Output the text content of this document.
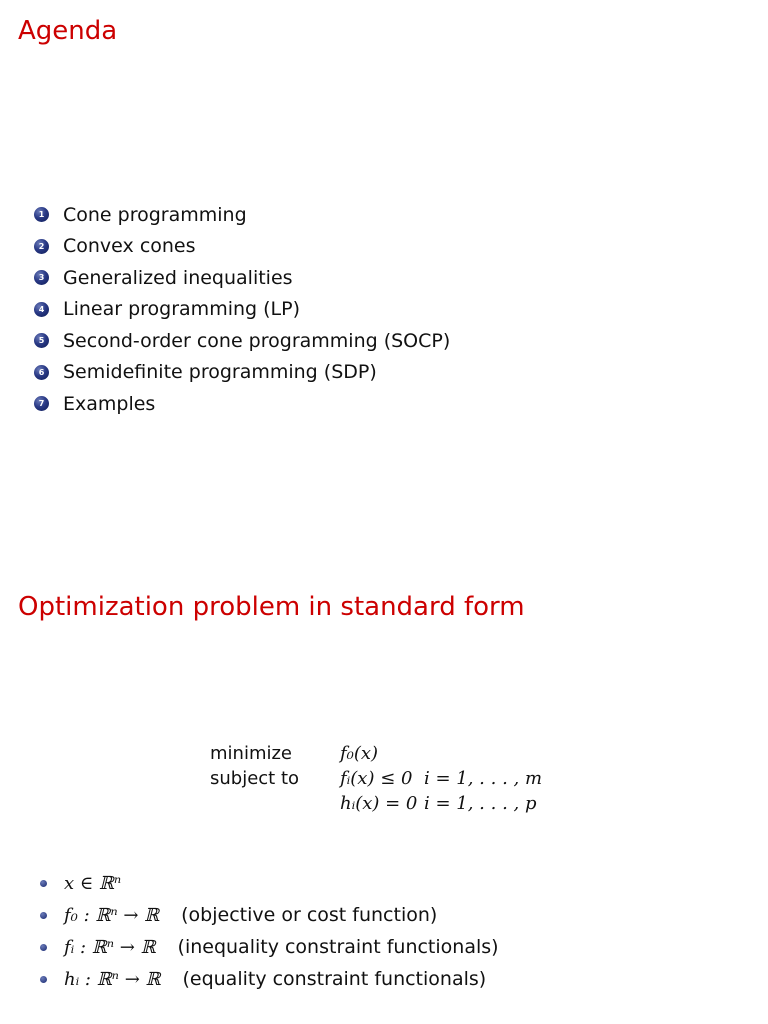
Agenda
1 Cone programming
2 Convex cones
3 Generalized inequalities
4 Linear programming (LP)
5 Second-order cone programming (SOCP)
6 Semidefinite programming (SDP)
7 Examples
Optimization problem in standard form
minimize	f₀(x)
subject to	fᵢ(x) ≤ 0 i = 1, . . . , m
hᵢ(x) = 0 i = 1, . . . , p
x ∈ ℝⁿ
f₀ : ℝⁿ → ℝ (objective or cost function)
fᵢ : ℝⁿ → ℝ (inequality constraint functionals)
hᵢ : ℝⁿ → ℝ (equality constraint functionals)
